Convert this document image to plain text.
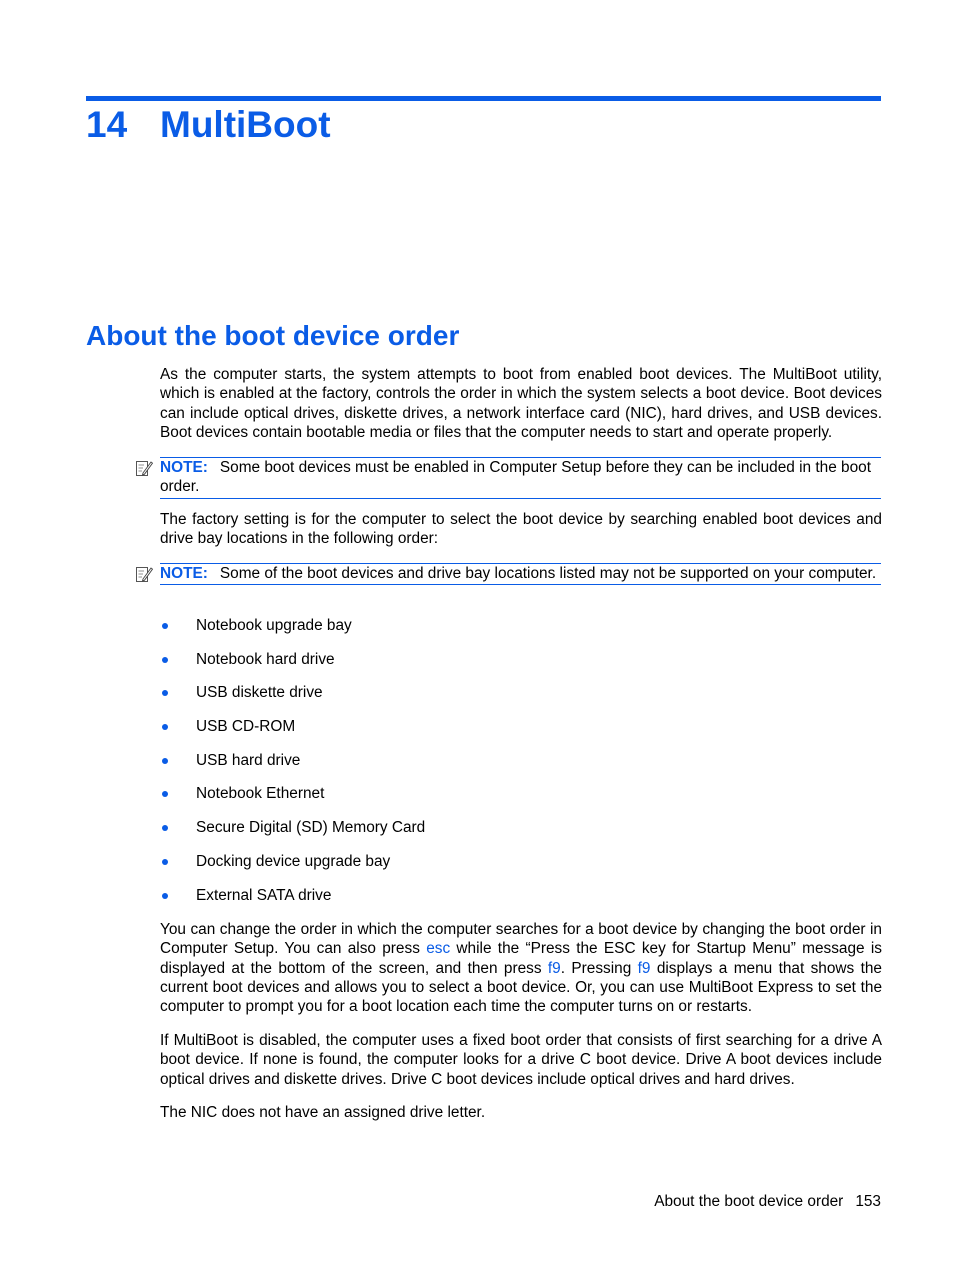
14 MultiBoot
About the boot device order

As the computer starts, the system attempts to boot from enabled boot devices. The MultiBoot utility, which is enabled at the factory, controls the order in which the system selects a boot device. Boot devices can include optical drives, diskette drives, a network interface card (NIC), hard drives, and USB devices. Boot devices contain bootable media or files that the computer needs to start and operate properly.

NOTE: Some boot devices must be enabled in Computer Setup before they can be included in the boot order.

The factory setting is for the computer to select the boot device by searching enabled boot devices and drive bay locations in the following order:

NOTE: Some of the boot devices and drive bay locations listed may not be supported on your computer.
Notebook upgrade bay
Notebook hard drive
USB diskette drive
USB CD-ROM
USB hard drive
Notebook Ethernet
Secure Digital (SD) Memory Card
Docking device upgrade bay
External SATA drive

You can change the order in which the computer searches for a boot device by changing the boot order in Computer Setup. You can also press esc while the “Press the ESC key for Startup Menu” message is displayed at the bottom of the screen, and then press f9. Pressing f9 displays a menu that shows the current boot devices and allows you to select a boot device. Or, you can use MultiBoot Express to set the computer to prompt you for a boot location each time the computer turns on or restarts.

If MultiBoot is disabled, the computer uses a fixed boot order that consists of first searching for a drive A boot device. If none is found, the computer looks for a drive C boot device. Drive A boot devices include optical drives and diskette drives. Drive C boot devices include optical drives and hard drives.

The NIC does not have an assigned drive letter.

About the boot device order 153
